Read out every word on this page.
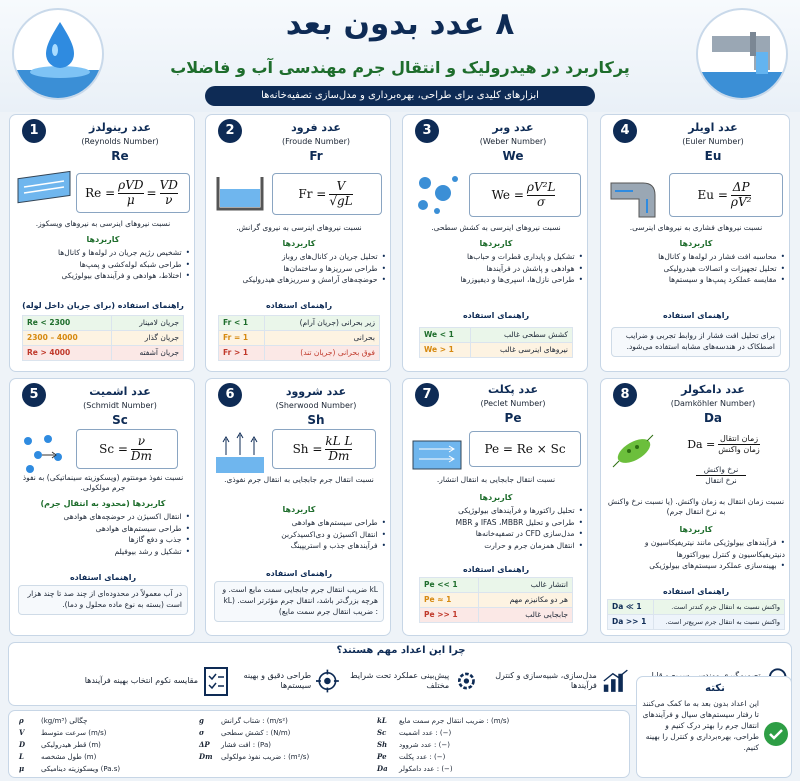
۸ عدد بدون بعد
پرکاربرد در هیدرولیک و انتقال جرم مهندسی آب و فاضلاب
ابزارهای کلیدی برای طراحی، بهره‌برداری و مدل‌سازی تصفیه‌خانه‌ها
1	عدد رینولدز
(Reynolds Number)
Re
$Re = \frac{\text{ρVD}}{\mu} = \frac{VD}{\nu}$
نسبت نیروهای اینرسی به نیروهای ویسکوز.
کاربردها
• تشخیص رژیم جریان در لوله‌ها و کانال‌ها
• طراحی شبکه لوله‌کشی و پمپ‌ها
• اختلاط، هوادهی و فرآیندهای بیولوژیکی
راهنمای استفاده (برای جریان داخل لوله)
Re < 2300	جریان لامینار
2300 – 4000	جریان گذار
Re > 4000	جریان آشفته
2	عدد فرود
(Froude Number)
Fr
$Fr = \frac{V}{√gL}$
نسبت نیروهای اینرسی به نیروی گرانش.
کاربردها
• تحلیل جریان در کانال‌های روباز
• طراحی سرریزها و ساختمان‌ها
• حوضچه‌های آرامش و سرریزهای هیدرولیکی
راهنمای استفاده
Fr < 1	زیر بحرانی (جریان آرام)
Fr = 1	بحرانی
Fr > 1	فوق بحرانی (جریان تند)
3	عدد وبر
(Weber Number)
We
$We = \frac{\text{ρV²L}}{\sigma}$
نسبت نیروهای اینرسی به کشش سطحی.
کاربردها
• تشکیل و پایداری قطرات و حباب‌ها
• هوادهی و پاشش در فرآیندها
• طراحی نازل‌ها، اسپری‌ها و دیفیوزرها
راهنمای استفاده
We < 1	کشش سطحی غالب
We > 1	نیروهای اینرسی غالب
4	عدد اویلر
(Euler Number)
Eu
$Eu = \frac{\Delta P}{\text{ρV²}}$
نسبت نیروهای فشاری به نیروهای اینرسی.
کاربردها
• محاسبه افت فشار در لوله‌ها و کانال‌ها
• تحلیل تجهیزات و اتصالات هیدرولیکی
• مقایسه عملکرد پمپ‌ها و سیستم‌ها
راهنمای استفاده
برای تحلیل افت فشار از روابط تجربی و ضرایب اصطکاک در هندسه‌های مشابه استفاده می‌شود.
5	عدد اشمیت
(Schmidt Number)
Sc
$Sc = \frac{\nu}{Dm}$
نسبت نفوذ مومنتوم (ویسکوزیته سینماتیکی) به نفوذ جرم مولکولی.
کاربردها (محدود به انتقال جرم)
• انتقال اکسیژن در حوضچه‌های هوادهی
• طراحی سیستم‌های هوادهی
• جذب و دفع گازها
• تشکیل و رشد بیوفیلم
راهنمای استفاده
در آب معمولاً در محدوده‌ای از چند صد تا چند هزار است (بسته به نوع ماده محلول و دما).
6	عدد شروود
(Sherwood Number)
Sh
$Sh = \frac{\text{kL L}}{Dm}$
نسبت انتقال جرم جابجایی به انتقال جرم نفوذی.
کاربردها
• طراحی سیستم‌های هوادهی
• انتقال اکسیژن و دی‌اکسیدکربن
• فرآیندهای جذب و استریپینگ
راهنمای استفاده
kL ضریب انتقال جرم جابجایی سمت مایع است. و هرچه بزرگ‌تر باشد، انتقال جرم مؤثرتر است. (kL : ضریب انتقال جرم سمت مایع)
7	عدد پکلت
(Peclet Number)
Pe
Pe = Re × Sc
نسبت انتقال جابجایی به انتقال انتشار.
کاربردها
• تحلیل راکتورها و فرآیندهای بیولوژیکی
• طراحی و تحلیل IFAS ،MBBR و MBR
• مدل‌سازی CFD در تصفیه‌خانه‌ها
• انتقال همزمان جرم و حرارت
راهنمای استفاده
Pe << 1	انتشار غالب
Pe ≈ 1	هر دو مکانیزم مهم
Pe >> 1	جابجایی غالب
8	عدد دامکولر
(Damköhler Number)
Da
$Da = \frac{\text{زمان انتقال}}{\text{زمان واکنش}}$
نرخ واکنش
نرخ انتقال
نسبت زمان انتقال به زمان واکنش. (یا نسبت نرخ واکنش به نرخ انتقال جرم)
کاربردها
• فرآیندهای بیولوژیکی مانند نیتریفیکاسیون و دنیتریفیکاسیون و کنترل بیوراکتورها
• بهینه‌سازی عملکرد سیستم‌های بیولوژیکی
راهنمای استفاده
Da ≪ 1	واکنش نسبت به انتقال جرم کندتر است.
Da >> 1	واکنش نسبت به انتقال جرم سریع‌تر است.
چرا این اعداد مهم هستند؟
مدل‌سازی، شبیه‌سازی و کنترل فرآیندها
پیش‌بینی عملکرد تحت شرایط مختلف
طراحی دقیق و بهینه سیستم‌ها
مقایسه نکوم انتخاب بهینه فرآیندها
ρ (kg/m³) چگالی
V سرعت متوسط (m/s)
D قطر هیدرولیکی (m)
L طول مشخصه (m)
μ ویسکوزیته دینامیکی (Pa.s)
g شتاب گرانش : (m/s²)
σ کشش سطحی : (N/m)
ΔP افت فشار : (Pa)
Dm ضریب نفوذ مولکولی : (m²/s)
kL ضریب انتقال جرم سمت مایع : (m/s)
Sc عدد اشمیت : (−)
Sh عدد شروود : (−)
Pe عدد پکلت : (−)
Da عدد دامکولر : (−)
نکته
این اعداد بدون بعد به ما کمک می‌کنند تا رفتار سیستم‌های سیال و فرآیندهای انتقال جرم را بهتر درک کنیم و طراحی، بهره‌برداری و کنترل را بهینه کنیم.
